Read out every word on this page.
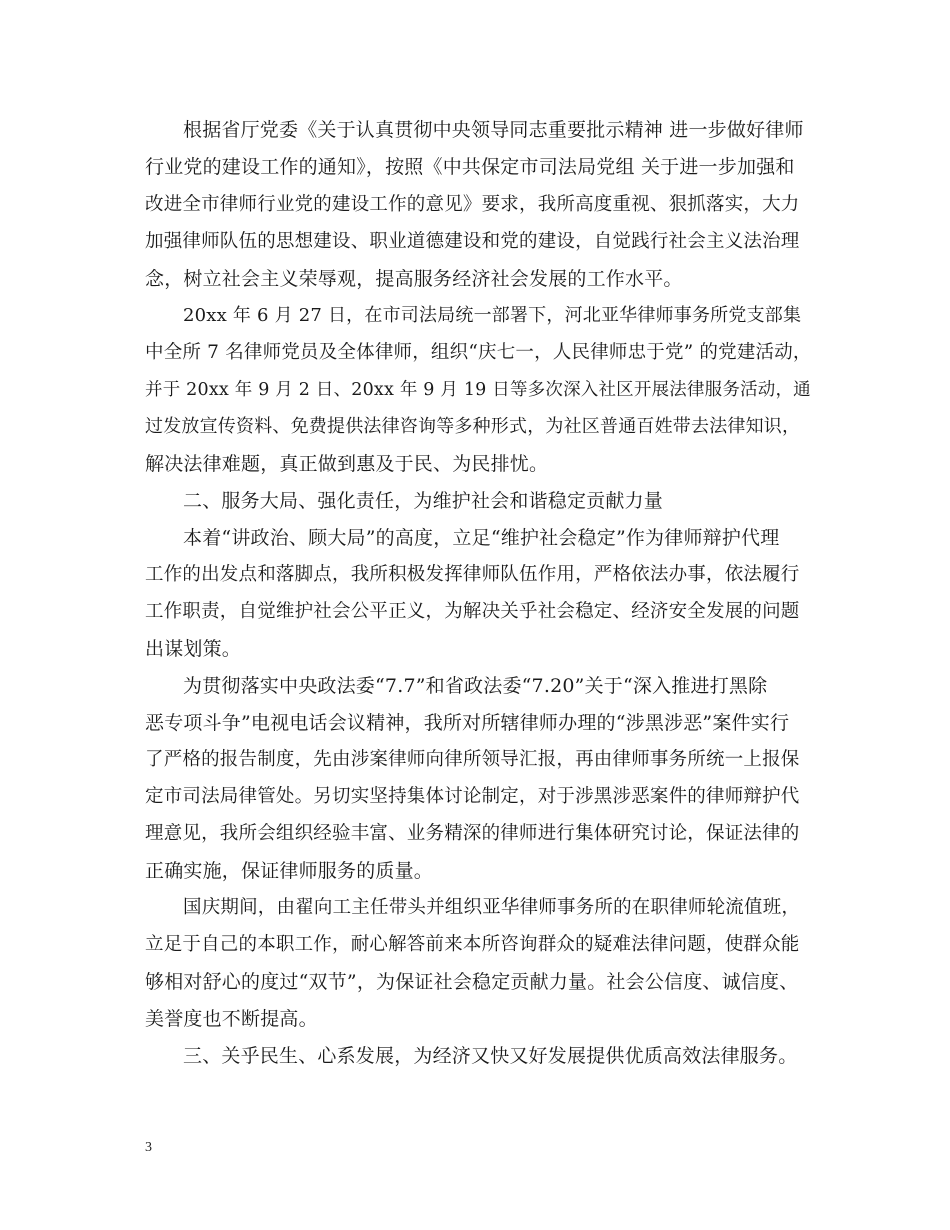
根据省厅党委《关于认真贯彻中央领导同志重要批示精神 进一步做好律师
行业党的建设工作的通知》，按照《中共保定市司法局党组 关于进一步加强和
改进全市律师行业党的建设工作的意见》要求，我所高度重视、狠抓落实，大力
加强律师队伍的思想建设、职业道德建设和党的建设，自觉践行社会主义法治理
念，树立社会主义荣辱观，提高服务经济社会发展的工作水平。
20xx 年 6 月 27 日，在市司法局统一部署下，河北亚华律师事务所党支部集
中全所 7 名律师党员及全体律师，组织“庆七一，人民律师忠于党” 的党建活动，
并于 20xx 年 9 月 2 日、20xx 年 9 月 19 日等多次深入社区开展法律服务活动，通
过发放宣传资料、免费提供法律咨询等多种形式，为社区普通百姓带去法律知识，
解决法律难题，真正做到惠及于民、为民排忧。
二、服务大局、强化责任，为维护社会和谐稳定贡献力量
本着“讲政治、顾大局”的高度，立足“维护社会稳定”作为律师辩护代理
工作的出发点和落脚点，我所积极发挥律师队伍作用，严格依法办事，依法履行
工作职责，自觉维护社会公平正义，为解决关乎社会稳定、经济安全发展的问题
出谋划策。
为贯彻落实中央政法委“7.7”和省政法委“7.20”关于“深入推进打黑除
恶专项斗争”电视电话会议精神，我所对所辖律师办理的“涉黑涉恶”案件实行
了严格的报告制度，先由涉案律师向律所领导汇报，再由律师事务所统一上报保
定市司法局律管处。另切实坚持集体讨论制定，对于涉黑涉恶案件的律师辩护代
理意见，我所会组织经验丰富、业务精深的律师进行集体研究讨论，保证法律的
正确实施，保证律师服务的质量。
国庆期间，由翟向工主任带头并组织亚华律师事务所的在职律师轮流值班，
立足于自己的本职工作，耐心解答前来本所咨询群众的疑难法律问题，使群众能
够相对舒心的度过“双节”，为保证社会稳定贡献力量。社会公信度、诚信度、
美誉度也不断提高。
三、关乎民生、心系发展，为经济又快又好发展提供优质高效法律服务。
3
